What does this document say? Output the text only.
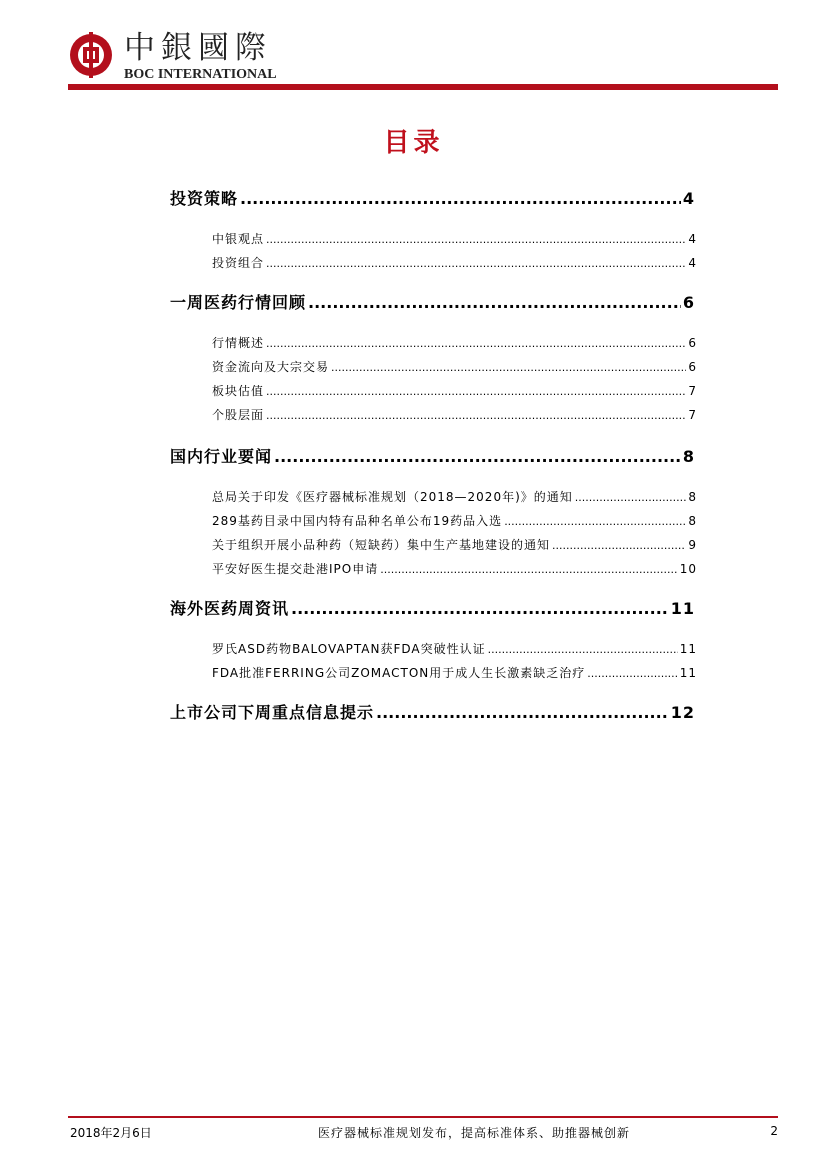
中銀國際
BOC INTERNATIONAL
目录
投资策略 .....	4
中银观点 .....	4
投资组合 .....	4
一周医药行情回顾 .....	6
行情概述 .....	6
资金流向及大宗交易 .....	6
板块估值 .....	7
个股层面 .....	7
国内行业要闻 .....	8
总局关于印发《医疗器械标准规划（2018—2020年)》的通知 .....	8
289基药目录中国内特有品种名单公布19药品入选 .....	8
关于组织开展小品种药（短缺药）集中生产基地建设的通知 .....	9
平安好医生提交赴港IPO申请 .....	10
海外医药周资讯 .....	11
罗氏ASD药物BALOVAPTAN获FDA突破性认证 .....	11
FDA批准FERRING公司ZOMACTON用于成人生长激素缺乏治疗 .....	11
上市公司下周重点信息提示 .....	12
2018年2月6日	医疗器械标准规划发布，提高标准体系、助推器械创新	2
